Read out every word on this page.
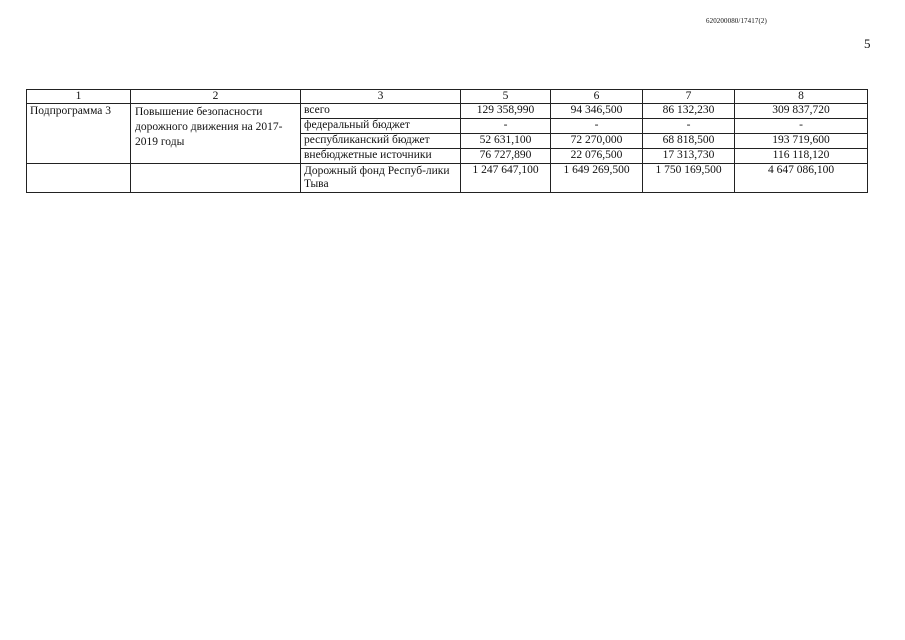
620200080/17417(2)
5
1	2	3	5	6	7	8
Подпрограмма 3	Повышение безопасности дорожного движения на 2017-2019 годы	всего	129 358,990	94 346,500	86 132,230	309 837,720
		федеральный бюджет	-	-	-	-
		республиканский бюджет	52 631,100	72 270,000	68 818,500	193 719,600
		внебюджетные источники	76 727,890	22 076,500	17 313,730	116 118,120
		Дорожный фонд Респуб-лики Тыва	1 247 647,100	1 649 269,500	1 750 169,500	4 647 086,100
